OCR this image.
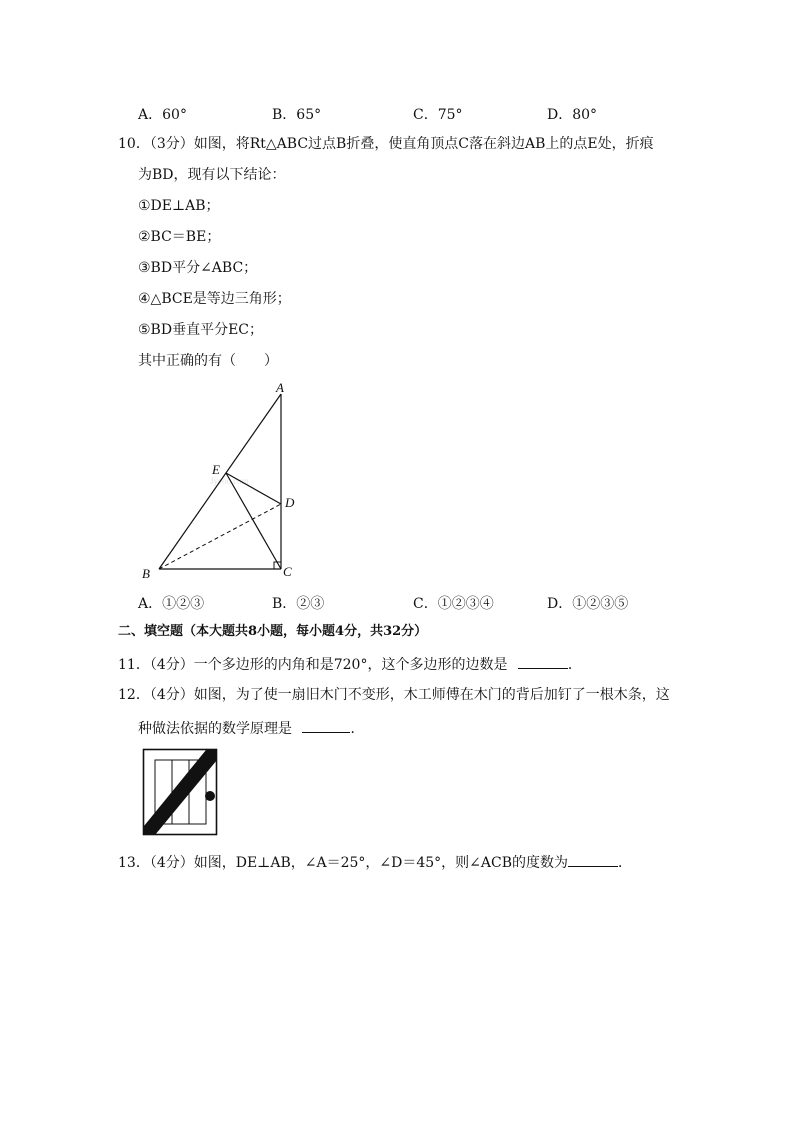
A．60°	B．65°	C．75°	D．80°
10．（3分）如图，将Rt△ABC过点B折叠，使直角顶点C落在斜边AB上的点E处，折痕
为BD，现有以下结论：
①DE⊥AB；
②BC＝BE；
③BD平分∠ABC；
④△BCE是等边三角形；
⑤BD垂直平分EC；
其中正确的有（　　）
Jyeoo.com
A
B	C
D
E
A．①②③	B．②③	C．①②③④	D．①②③⑤
二、填空题（本大题共8小题，每小题4分，共32分）
11．（4分）一个多边形的内角和是720°，这个多边形的边数是	．
12．（4分）如图，为了使一扇旧木门不变形，木工师傅在木门的背后加钉了一根木条，这
种做法依据的数学原理是	．
13．（4分）如图，DE⊥AB，∠A＝25°，∠D＝45°，则∠ACB的度数为	．
